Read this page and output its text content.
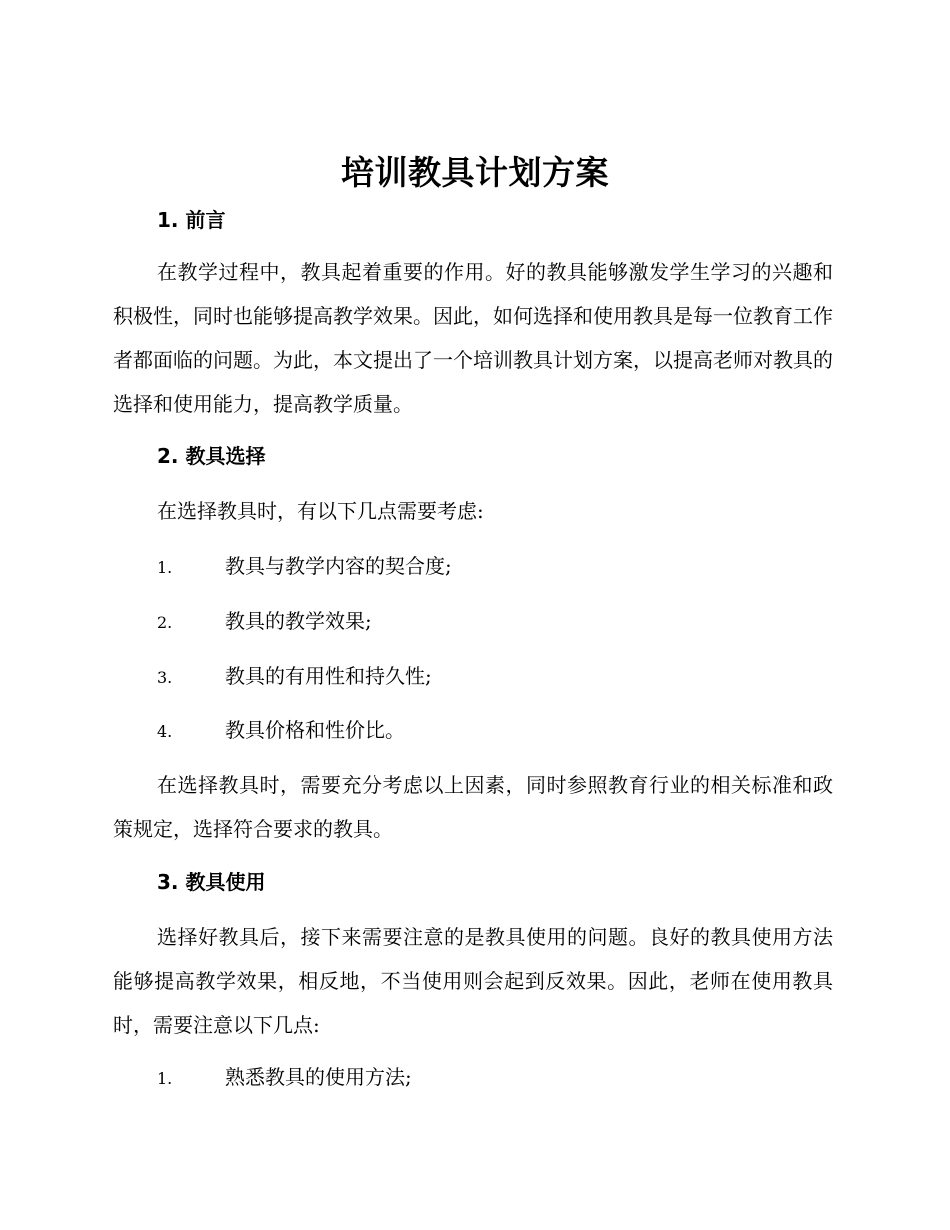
培训教具计划方案
1. 前言
在教学过程中，教具起着重要的作用。好的教具能够激发学生学习的兴趣和积极性，同时也能够提高教学效果。因此，如何选择和使用教具是每一位教育工作者都面临的问题。为此，本文提出了一个培训教具计划方案，以提高老师对教具的选择和使用能力，提高教学质量。
2. 教具选择
在选择教具时，有以下几点需要考虑:
1.	教具与教学内容的契合度;
2.	教具的教学效果;
3.	教具的有用性和持久性;
4.	教具价格和性价比。
在选择教具时，需要充分考虑以上因素，同时参照教育行业的相关标准和政策规定，选择符合要求的教具。
3. 教具使用
选择好教具后，接下来需要注意的是教具使用的问题。良好的教具使用方法能够提高教学效果，相反地，不当使用则会起到反效果。因此，老师在使用教具时，需要注意以下几点:
1.	熟悉教具的使用方法;
